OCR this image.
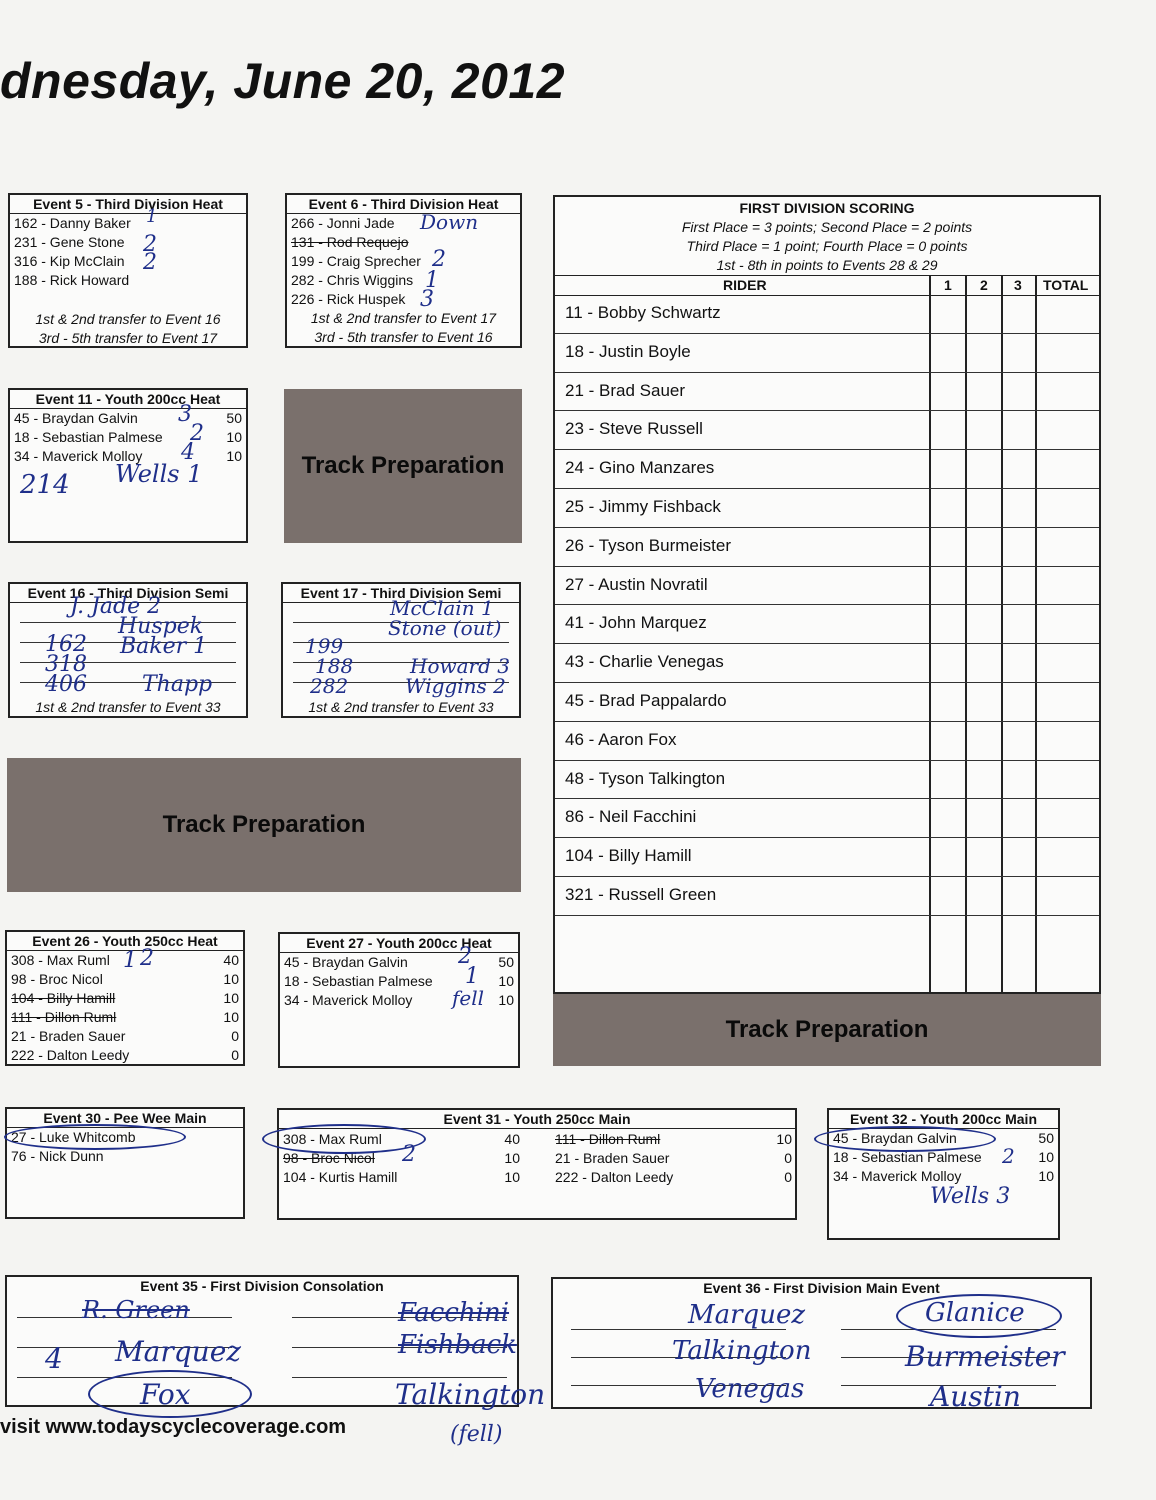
dnesday, June 20, 2012
Event 5 - Third Division Heat
162 - Danny Baker
231 - Gene Stone
316 - Kip McClain
188 - Rick Howard
1st & 2nd transfer to Event 16
3rd - 5th transfer to Event 17
1
2
2
Event 6 - Third Division Heat
266 - Jonni Jade
131 - Rod Requejo
199 - Craig Sprecher
282 - Chris Wiggins
226 - Rick Huspek
1st & 2nd transfer to Event 17
3rd - 5th transfer to Event 16
Down
2
1
3
Event 11 - Youth 200cc Heat
45 - Braydan Galvin	50
18 - Sebastian Palmese	10
34 - Maverick Molloy	10
3
2
4
214 Wells 1	Track Preparation
Event 16 - Third Division Semi
1st & 2nd transfer to Event 33
J. Jade 2
Huspek
Baker 1
162
318
406	Thapp
Event 17 - Third Division Semi
1st & 2nd transfer to Event 33
McClain 1
Stone (out)
199
188
282
Howard 3
Wiggins 2
Track Preparation
FIRST DIVISION SCORING
First Place = 3 points; Second Place = 2 points
Third Place = 1 point; Fourth Place = 0 points
1st - 8th in points to Events 28 & 29
RIDER	1 2 3 TOTAL
11 - Bobby Schwartz
18 - Justin Boyle
21 - Brad Sauer
23 - Steve Russell
24 - Gino Manzares
25 - Jimmy Fishback
26 - Tyson Burmeister
27 - Austin Novratil
41 - John Marquez
43 - Charlie Venegas
45 - Brad Pappalardo
46 - Aaron Fox
48 - Tyson Talkington
86 - Neil Facchini
104 - Billy Hamill
321 - Russell Green
Event 26 - Youth 250cc Heat
308 - Max Ruml	40
98 - Broc Nicol	10
104 - Billy Hamill	10
111 - Dillon Ruml	10
21 - Braden Sauer	0
222 - Dalton Leedy	0
1 2
Event 27 - Youth 200cc Heat
45 - Braydan Galvin	50
18 - Sebastian Palmese	10
34 - Maverick Molloy	10
2
1
fell
Track Preparation
Event 30 - Pee Wee Main
27 - Luke Whitcomb
76 - Nick Dunn
Event 31 - Youth 250cc Main
308 - Max Ruml	40
98 - Broc Nicol	10
104 - Kurtis Hamill	10
111 - Dillon Ruml	10
21 - Braden Sauer	0
222 - Dalton Leedy	0
2
Event 32 - Youth 200cc Main
45 - Braydan Galvin	50
18 - Sebastian Palmese	10
34 - Maverick Molloy	10
2
Wells 3
Event 35 - First Division Consolation
R. Green
4 Marquez
Fox
Facchini
Fishback
Talkington
(fell)
Event 36 - First Division Main Event
Marquez
Talkington
Venegas
Glanice
Burmeister
Austin
visit www.todayscyclecoverage.com
